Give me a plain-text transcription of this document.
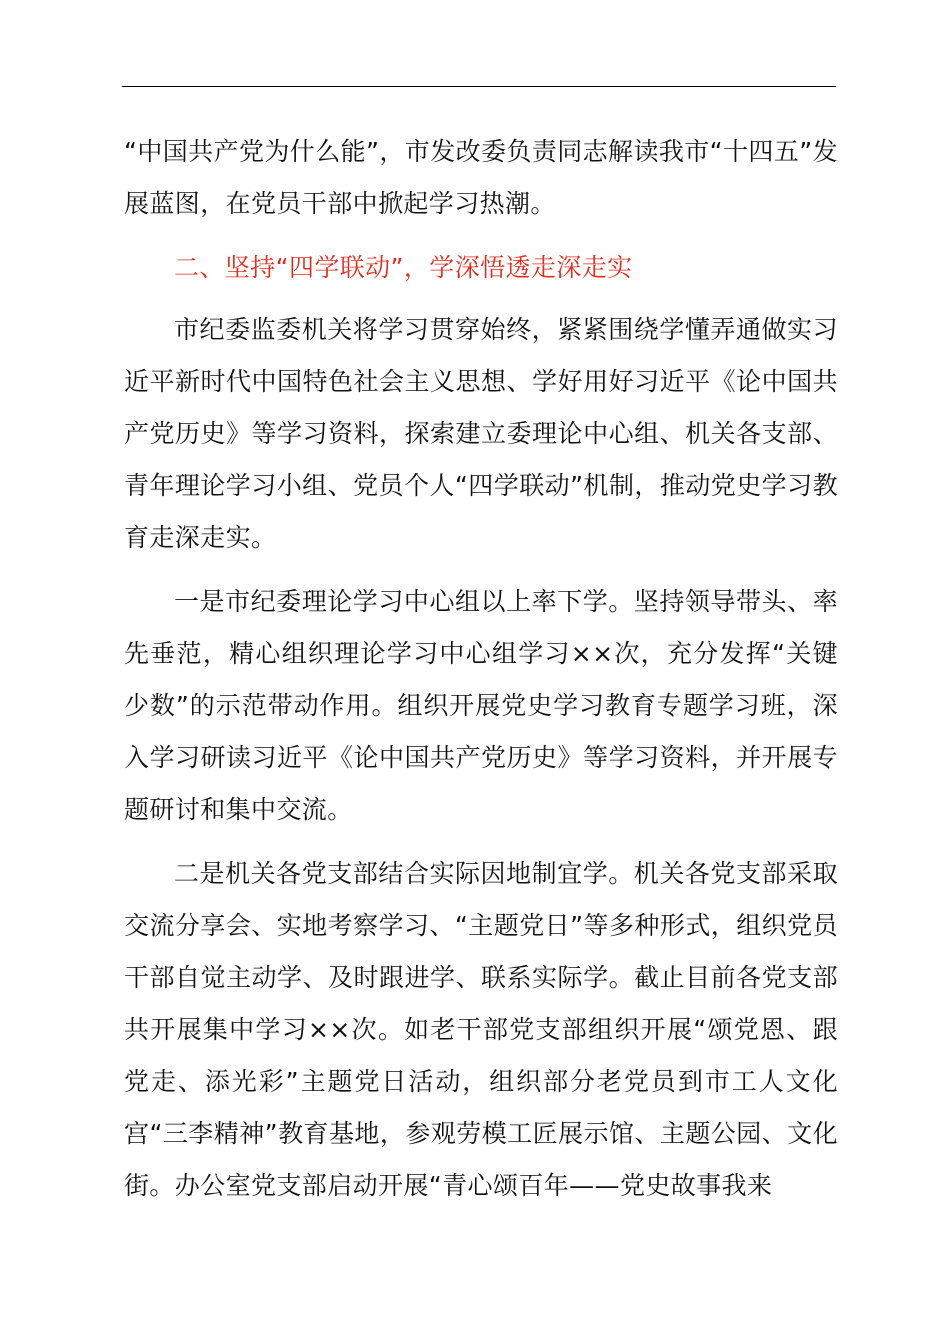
“中国共产党为什么能”，市发改委负责同志解读我市“十四五”发展蓝图，在党员干部中掀起学习热潮。

二、坚持“四学联动”，学深悟透走深走实

市纪委监委机关将学习贯穿始终，紧紧围绕学懂弄通做实习近平新时代中国特色社会主义思想、学好用好习近平《论中国共产党历史》等学习资料，探索建立委理论中心组、机关各支部、青年理论学习小组、党员个人“四学联动”机制，推动党史学习教育走深走实。

一是市纪委理论学习中心组以上率下学。坚持领导带头、率先垂范，精心组织理论学习中心组学习××次，充分发挥“关键少数”的示范带动作用。组织开展党史学习教育专题学习班，深入学习研读习近平《论中国共产党历史》等学习资料，并开展专题研讨和集中交流。

二是机关各党支部结合实际因地制宜学。机关各党支部采取交流分享会、实地考察学习、“主题党日”等多种形式，组织党员干部自觉主动学、及时跟进学、联系实际学。截止目前各党支部共开展集中学习××次。如老干部党支部组织开展“颂党恩、跟党走、添光彩”主题党日活动，组织部分老党员到市工人文化宫“三李精神”教育基地，参观劳模工匠展示馆、主题公园、文化街。办公室党支部启动开展“青心颂百年——党史故事我来
